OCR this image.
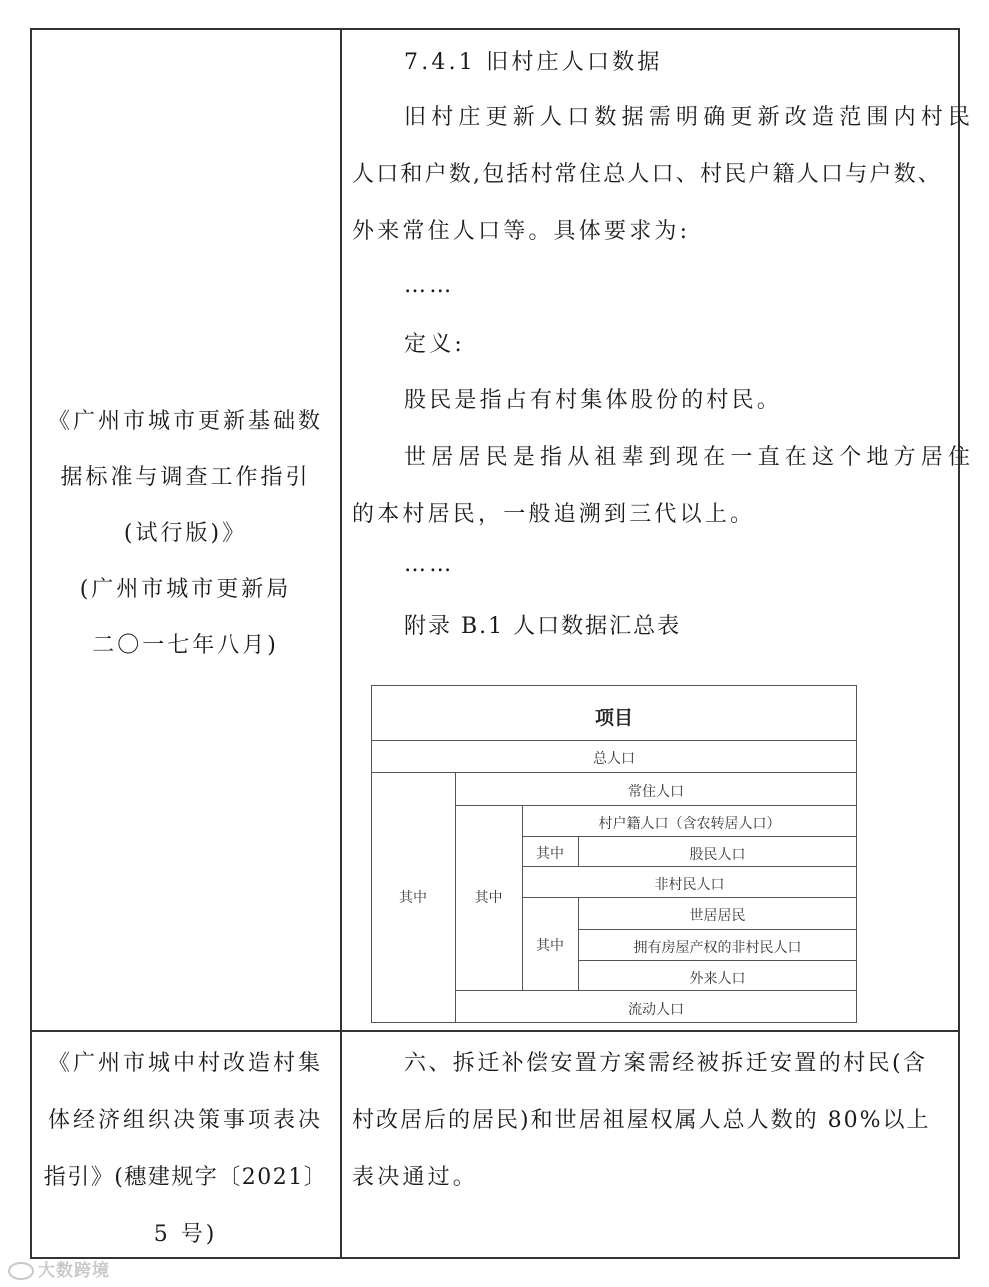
《广州市城市更新基础数
据标准与调查工作指引
(试行版)》
(广州市城市更新局
二〇一七年八月)
7.4.1 旧村庄人口数据
旧村庄更新人口数据需明确更新改造范围内村民
人口和户数,包括村常住总人口、村民户籍人口与户数、
外来常住人口等。具体要求为:
……
定义:
股民是指占有村集体股份的村民。
世居居民是指从祖辈到现在一直在这个地方居住
的本村居民，一般追溯到三代以上。
……
附录 B.1 人口数据汇总表
项目
总人口
其中
常住人口
其中
村户籍人口（含农转居人口）
其中	股民人口
非村民人口
其中
世居居民
拥有房屋产权的非村民人口
外来人口
流动人口
《广州市城中村改造村集
体经济组织决策事项表决
指引》(穗建规字〔2021〕
5 号)
六、拆迁补偿安置方案需经被拆迁安置的村民(含
村改居后的居民)和世居祖屋权属人总人数的 80%以上
表决通过。
大数跨境
